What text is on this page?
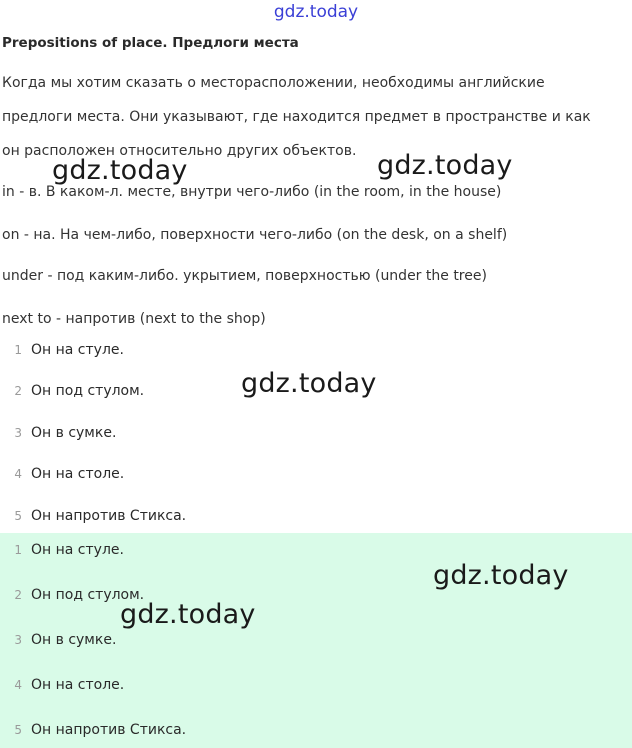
gdz.today
Prepositions of place. Предлоги места
Когда мы хотим сказать о месторасположении, необходимы английские
предлоги места. Они указывают, где находится предмет в пространстве и как
он расположен относительно других объектов.
in - в. В каком-л. месте, внутри чего-либо (in the room, in the house)
on - на. На чем-либо, поверхности чего-либо (on the desk, on a shelf)
under - под каким-либо. укрытием, поверхностью (under the tree)
next to - напротив (next to the shop)
1 Он на стуле.
2 Он под стулом.
3 Он в сумке.
4 Он на столе.
5 Он напротив Стикса.
1 Он на стуле.
2 Он под стулом.
3 Он в сумке.
4 Он на столе.
5 Он напротив Стикса.
gdz.today	gdz.today
gdz.today
gdz.today
gdz.today
